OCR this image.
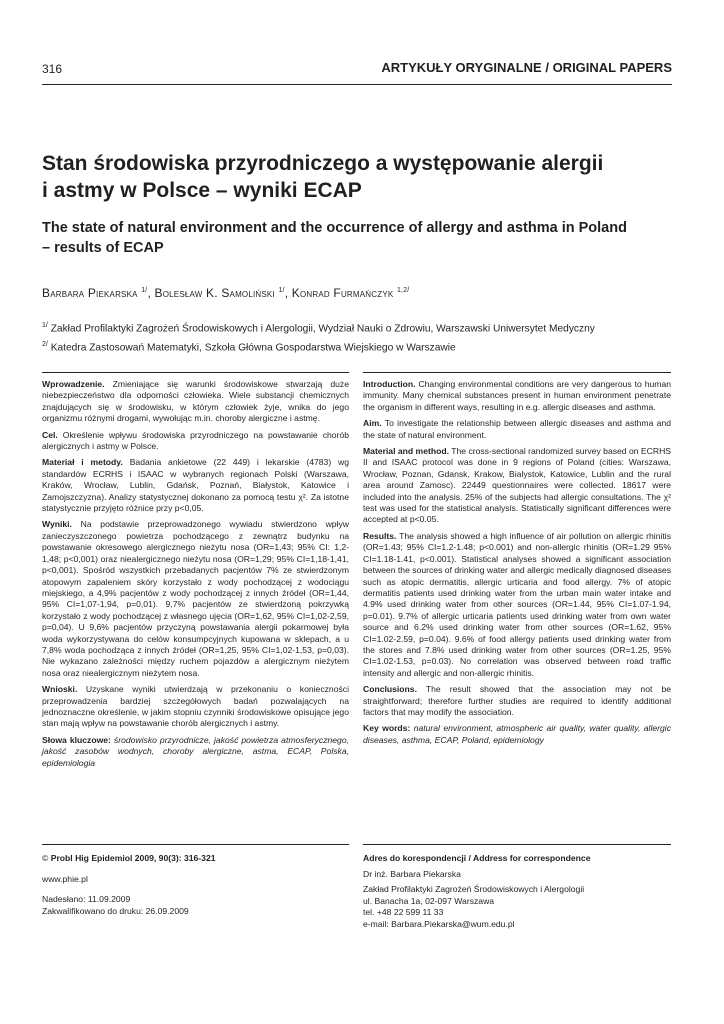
316	ARTYKUŁY ORYGINALNE / ORIGINAL PAPERS
Stan środowiska przyrodniczego a występowanie alergii
i astmy w Polsce – wyniki ECAP
The state of natural environment and the occurrence of allergy and asthma in Poland
– results of ECAP
Barbara Piekarska $^{1/}$, Bolesław K. Samoliński $^{1/}$, Konrad Furmańczyk $^{1,2/}$
$^{1/}$ Zakład Profilaktyki Zagrożeń Środowiskowych i Alergologii, Wydział Nauki o Zdrowiu, Warszawski Uniwersytet Medyczny
$^{2/}$ Katedra Zastosowań Matematyki, Szkoła Główna Gospodarstwa Wiejskiego w Warszawie

Wprowadzenie. Zmieniające się warunki środowiskowe stwarzają duże niebezpieczeństwo dla odporności człowieka. Wiele substancji chemicznych znajdujących się w środowisku, w którym człowiek żyje, wnika do jego organizmu różnymi drogami, wywołując m.in. choroby alergiczne i astmę.

Cel. Określenie wpływu środowiska przyrodniczego na powstawanie chorób alergicznych i astmy w Polsce.

Materiał i metody. Badania ankietowe (22 449) i lekarskie (4783) wg standardów ECRHS i ISAAC w wybranych regionach Polski (Warszawa, Kraków, Wrocław, Lublin, Gdańsk, Poznań, Białystok, Katowice i Zamojszczyzna). Analizy statystycznej dokonano za pomocą testu χ². Za istotne statystycznie przyjęto różnice przy p<0,05.

Wyniki. Na podstawie przeprowadzonego wywiadu stwierdzono wpływ zanieczyszczonego powietrza pochodzącego z zewnątrz budynku na powstawanie okresowego alergicznego nieżytu nosa (OR=1,43; 95% CI: 1,2-1,48; p<0,001) oraz niealergicznego nieżytu nosa (OR=1,29; 95% CI=1,18-1,41, p<0,001). Spośród wszystkich przebadanych pacjentów 7% ze stwierdzonym atopowym zapaleniem skóry korzystało z wody pochodzącej z wodociągu miejskiego, a 4,9% pacjentów z wody pochodzącej z innych źródeł (OR=1,44, 95% CI=1,07-1,94, p=0,01). 9,7% pacjentów ze stwierdzoną pokrzywką korzystało z wody pochodzącej z własnego ujęcia (OR=1,62, 95% CI=1,02-2,59, p=0,04). U 9,6% pacjentów przyczyną powstawania alergii pokarmowej była woda wykorzystywana do celów konsumpcyjnych kupowana w sklepach, a u 7,8% woda pochodząca z innych źródeł (OR=1,25, 95% CI=1,02-1,53, p=0,03). Nie wykazano zależności między ruchem pojazdów a alergicznym nieżytem nosa oraz niealergicznym nieżytem nosa.

Wnioski. Uzyskane wyniki utwierdzają w przekonaniu o konieczności przeprowadzenia bardziej szczegółowych badań pozwalających na jednoznaczne określenie, w jakim stopniu czynniki środowiskowe opisujące jego stan mają wpływ na powstawanie chorób alergicznych i astmy.

Słowa kluczowe: środowisko przyrodnicze, jakość powietrza atmosferycznego, jakość zasobów wodnych, choroby alergiczne, astma, ECAP, Polska, epidemiologia

Introduction. Changing environmental conditions are very dangerous to human immunity. Many chemical substances present in human environment penetrate the organism in different ways, resulting in e.g. allergic diseases and asthma.

Aim. To investigate the relationship between allergic diseases and asthma and the state of natural environment.

Material and method. The cross-sectional randomized survey based on ECRHS II and ISAAC protocol was done in 9 regions of Poland (cities: Warszawa, Wrocław, Poznan, Gdansk, Krakow, Bialystok, Katowice, Lublin and the rural area around Zamosc). 22449 questionnaires were collected. 18617 were included into the analysis. 25% of the subjects had allergic consultations. The χ² test was used for the statistical analysis. Statistically significant differences were accepted at p<0.05.

Results. The analysis showed a high influence of air pollution on allergic rhinitis (OR=1.43; 95% CI=1.2-1.48; p<0.001) and non-allergic rhinitis (OR=1.29 95% CI=1.18-1.41, p<0.001). Statistical analyses showed a significant association between the sources of drinking water and allergic medically diagnosed diseases such as atopic dermatitis, allergic urticaria and food allergy. 7% of atopic dermatitis patients used drinking water from the urban main water intake and 4.9% used drinking water from other sources (OR=1.44, 95% CI=1.07-1.94, p=0.01). 9.7% of allergic urticaria patients used drinking water from own water source and 6.2% used drinking water from other sources (OR=1.62, 95% CI=1.02-2.59, p=0.04). 9.6% of food allergy patients used drinking water from the stores and 7.8% used drinking water from other sources (OR=1.25, 95% CI=1.02-1.53, p=0.03). No correlation was observed between road traffic intensity and allergic and non-allergic rhinitis.

Conclusions. The result showed that the association may not be straightforward; therefore further studies are required to identify additional factors that may modify the association.

Key words: natural environment, atmospheric air quality, water quality, allergic diseases, asthma, ECAP, Poland, epidemiology

© Probl Hig Epidemiol 2009, 90(3): 316-321

www.phie.pl

Nadesłano: 11.09.2009

Zakwalifikowano do druku: 26.09.2009

Adres do korespondencji / Address for correspondence

Dr inż. Barbara Piekarska

Zakład Profilaktyki Zagrożeń Środowiskowych i Alergologii

ul. Banacha 1a, 02-097 Warszawa

tel. +48 22 599 11 33

e-mail: Barbara.Piekarska@wum.edu.pl
